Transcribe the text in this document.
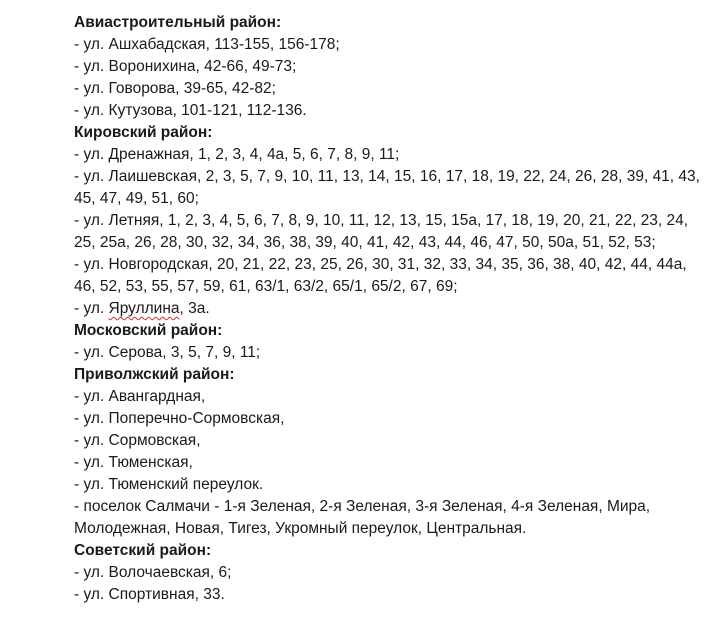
Авиастроительный район:

- ул. Ашхабадская, 113-155, 156-178;

- ул. Воронихина, 42-66, 49-73;

- ул. Говорова, 39-65, 42-82;

- ул. Кутузова, 101-121, 112-136.

Кировский район:

- ул. Дренажная, 1, 2, 3, 4, 4а, 5, 6, 7, 8, 9, 11;

- ул. Лаишевская, 2, 3, 5, 7, 9, 10, 11, 13, 14, 15, 16, 17, 18, 19, 22, 24, 26, 28, 39, 41, 43, 45, 47, 49, 51, 60;

- ул. Летняя, 1, 2, 3, 4, 5, 6, 7, 8, 9, 10, 11, 12, 13, 15, 15а, 17, 18, 19, 20, 21, 22, 23, 24, 25, 25а, 26, 28, 30, 32, 34, 36, 38, 39, 40, 41, 42, 43, 44, 46, 47, 50, 50а, 51, 52, 53;

- ул. Новгородская, 20, 21, 22, 23, 25, 26, 30, 31, 32, 33, 34, 35, 36, 38, 40, 42, 44, 44а, 46, 52, 53, 55, 57, 59, 61, 63/1, 63/2, 65/1, 65/2, 67, 69;

- ул. Яруллина, 3а.

Московский район:

- ул. Серова, 3, 5, 7, 9, 11;

Приволжский район:

- ул. Авангардная,

- ул. Поперечно-Сормовская,

- ул. Сормовская,

- ул. Тюменская,

- ул. Тюменский переулок.

- поселок Салмачи - 1-я Зеленая, 2-я Зеленая, 3-я Зеленая, 4-я Зеленая, Мира, Молодежная, Новая, Тигез, Укромный переулок, Центральная.

Советский район:

- ул. Волочаевская, 6;

- ул. Спортивная, 33.
